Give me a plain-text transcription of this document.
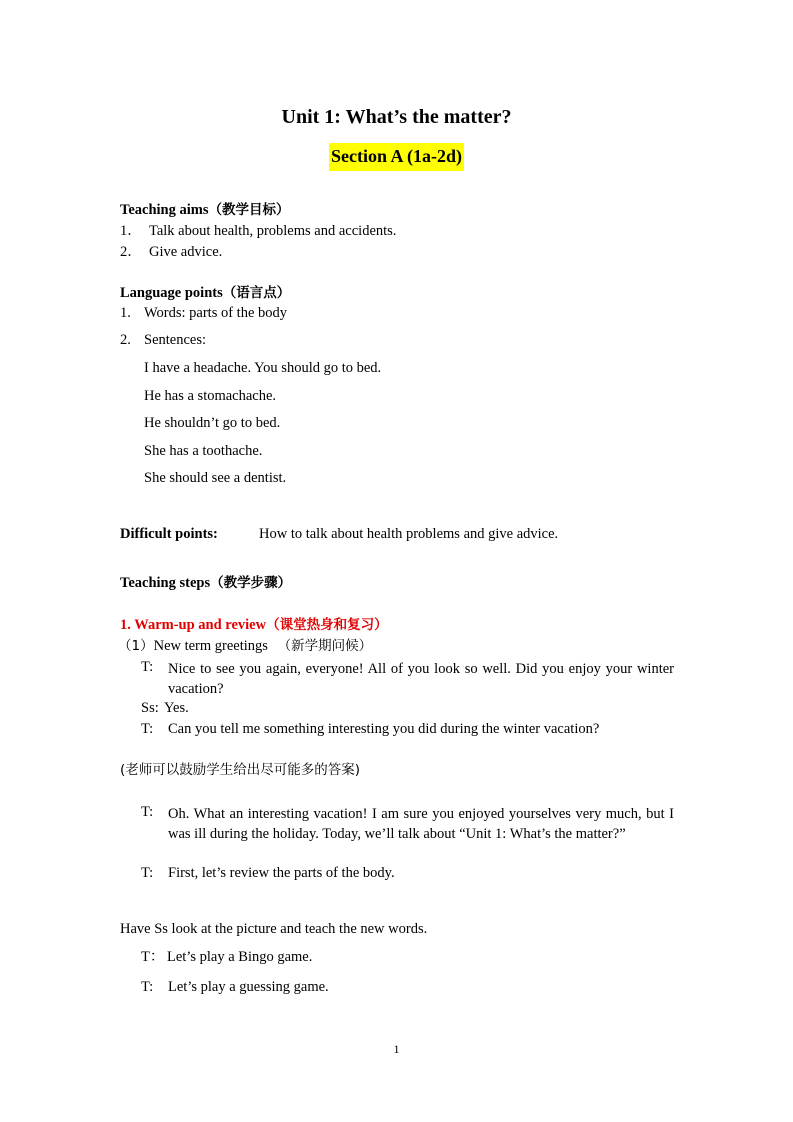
Unit 1: What’s the matter?
Section A (1a-2d)
Teaching aims（教学目标）
1． Talk about health, problems and accidents.
2． Give advice.
Language points（语言点）
1. Words: parts of the body
2. Sentences:
I have a headache. You should go to bed.
He has a stomachache.
He shouldn’t go to bed.
She has a toothache.
She should see a dentist.
Difficult points:	How to talk about health problems and give advice.
Teaching steps（教学步骤）
1. Warm-up and review（课堂热身和复习）
（1）New term greetings （新学期问候）
T: Nice to see you again, everyone! All of you look so well. Did you enjoy your winter vacation?
Ss: Yes.
T: Can you tell me something interesting you did during the winter vacation?
(老师可以鼓励学生给出尽可能多的答案)
T: Oh. What an interesting vacation! I am sure you enjoyed yourselves very much, but I was ill during the holiday. Today, we’ll talk about “Unit 1: What’s the matter?”
T: First, let’s review the parts of the body.
Have Ss look at the picture and teach the new words.
T： Let’s play a Bingo game.
T: Let’s play a guessing game.
1
